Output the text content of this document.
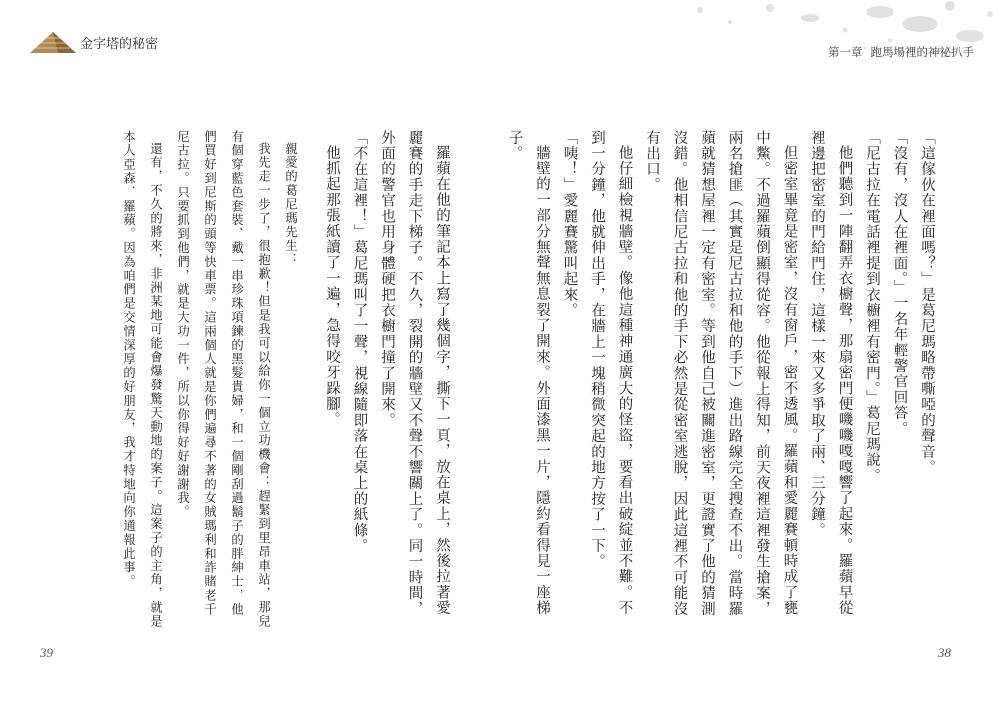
金字塔的秘密	第一章 跑馬場裡的神祕扒手

「這傢伙在裡面嗎？」是葛尼瑪略帶嘶啞的聲音。

「沒有，沒人在裡面。」一名年輕警官回答。

「尼古拉在電話裡提到衣櫥裡有密門。」葛尼瑪說。

他們聽到一陣翻弄衣櫥聲，那扇密門便嘰嘰嘎嘎響了起來。羅蘋早從裡邊把密室的門給門住，這樣一來又多爭取了兩、三分鐘。

但密室畢竟是密室，沒有窗戶，密不透風。羅蘋和愛麗賽頓時成了甕中鱉。不過羅蘋倒顯得從容。他從報上得知，前天夜裡這裡發生搶案，兩名搶匪（其實是尼古拉和他的手下）進出路線完全搜查不出。當時羅蘋就猜想屋裡一定有密室。等到他自己被關進密室，更證實了他的猜測沒錯。他相信尼古拉和他的手下必然是從密室逃脫，因此這裡不可能沒有出口。

他仔細檢視牆壁。像他這種神通廣大的怪盜，要看出破綻並不難。不到一分鐘，他就伸出手，在牆上一塊稍微突起的地方按了一下。

「咦！」愛麗賽驚叫起來。

牆壁的一部分無聲無息裂了開來。外面漆黑一片，隱約看得見一座梯子。

羅蘋在他的筆記本上寫了幾個字，撕下一頁，放在桌上，然後拉著愛麗賽的手走下梯子。不久，裂開的牆壁又不聲不響關上了。同一時間，外面的警官也用身體硬把衣櫥門撞了開來。

「不在這裡！」葛尼瑪叫了一聲，視線隨即落在桌上的紙條。

他抓起那張紙讀了一遍，急得咬牙跺腳。

親愛的葛尼瑪先生：

我先走一步了，很抱歉！但是我可以給你一個立功機會：趕緊到里昂車站，那兒有個穿藍色套裝、戴一串珍珠項鍊的黑髮貴婦，和一個剛刮過鬍子的胖紳士，他們買好到尼斯的頭等快車票。這兩個人就是你們遍尋不著的女賊瑪利和詐賭老千尼古拉。只要抓到他們，就是大功一件，所以你得好好謝謝我。

還有，不久的將來，非洲某地可能會爆發驚天動地的案子。這案子的主角，就是本人亞森．羅蘋。因為咱們是交情深厚的好朋友，我才特地向你通報此事。

39	38
